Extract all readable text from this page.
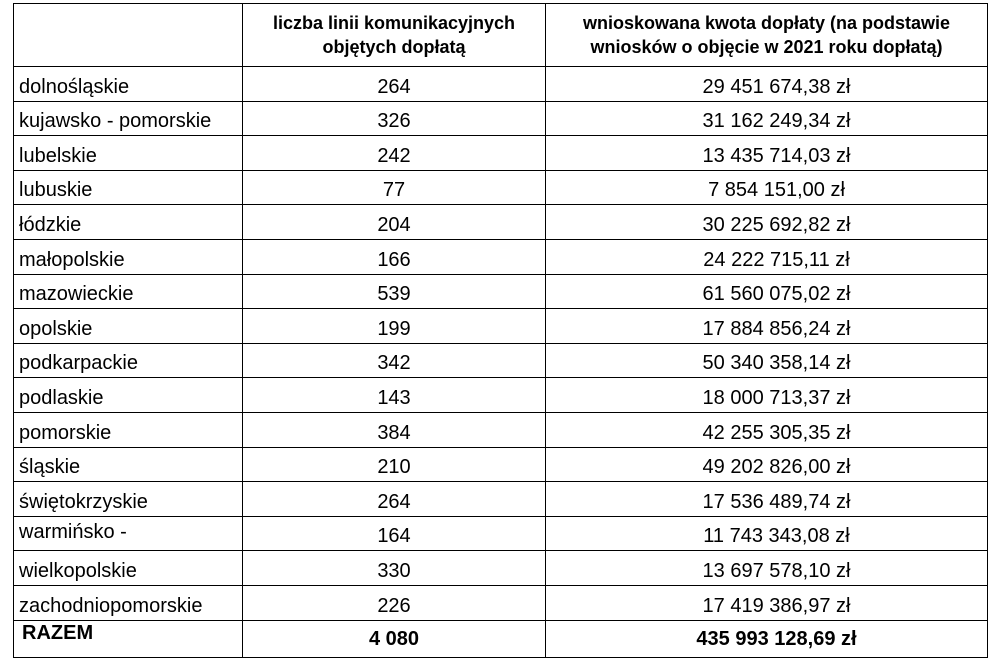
	liczba linii komunikacyjnych objętych dopłatą	wnioskowana kwota dopłaty (na podstawie wniosków o objęcie w 2021 roku dopłatą)
dolnośląskie	264	29 451 674,38 zł
kujawsko - pomorskie	326	31 162 249,34 zł
lubelskie	242	13 435 714,03 zł
lubuskie	77	7 854 151,00 zł
łódzkie	204	30 225 692,82 zł
małopolskie	166	24 222 715,11 zł
mazowieckie	539	61 560 075,02 zł
opolskie	199	17 884 856,24 zł
podkarpackie	342	50 340 358,14 zł
podlaskie	143	18 000 713,37 zł
pomorskie	384	42 255 305,35 zł
śląskie	210	49 202 826,00 zł
świętokrzyskie	264	17 536 489,74 zł
warmińsko -	164	11 743 343,08 zł
wielkopolskie	330	13 697 578,10 zł
zachodniopomorskie	226	17 419 386,97 zł
RAZEM	4 080	435 993 128,69 zł
